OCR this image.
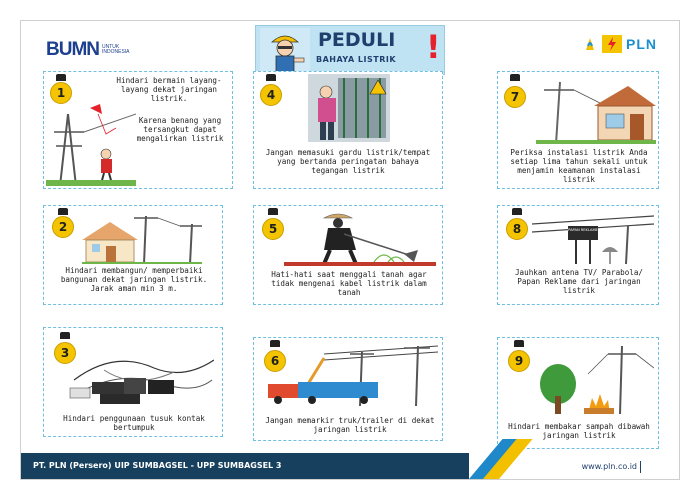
BUMN UNTUK INDONESIA
PEDULI
BAHAYA LISTRIK !	PLN
1
Hindari bermain layang-layang dekat jaringan listrik.
Karena benang yang tersangkut dapat mengalirkan listrik
4
Jangan memasuki gardu listrik/tempat yang bertanda peringatan bahaya tegangan listrik
7
Periksa instalasi listrik Anda setiap lima tahun sekali untuk menjamin keamanan instalasi listrik
2
Hindari membangun/ memperbaiki bangunan dekat jaringan listrik. Jarak aman min 3 m.
5
Hati-hati saat menggali tanah agar tidak mengenai kabel listrik dalam tanah
8	PAPAN REKLAME
Jauhkan antena TV/ Parabola/ Papan Reklame dari jaringan listrik
3
Hindari penggunaan tusuk kontak bertumpuk
6
Jangan memarkir truk/trailer di dekat jaringan listrik
9
Hindari membakar sampah dibawah jaringan listrik
PT. PLN (Persero) UIP SUMBAGSEL - UPP SUMBAGSEL 3	www.pln.co.id
